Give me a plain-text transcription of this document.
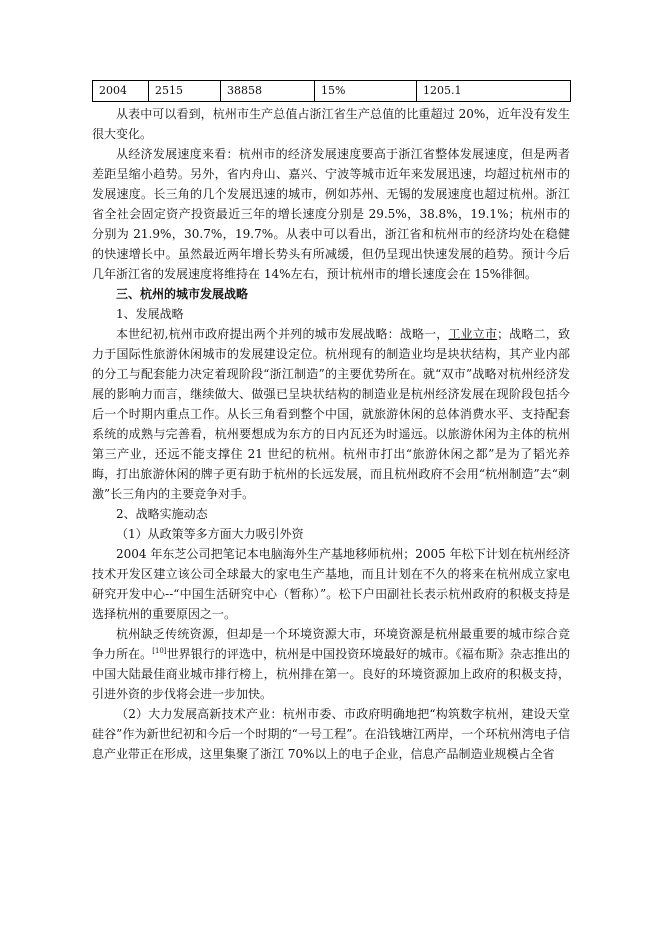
2004	2515	38858	15%	1205.1

从表中可以看到，杭州市生产总值占浙江省生产总值的比重超过 20%，近年没有发生很大变化。

从经济发展速度来看：杭州市的经济发展速度要高于浙江省整体发展速度，但是两者差距呈缩小趋势。另外，省内舟山、嘉兴、宁波等城市近年来发展迅速，均超过杭州市的发展速度。长三角的几个发展迅速的城市，例如苏州、无锡的发展速度也超过杭州。浙江省全社会固定资产投资最近三年的增长速度分别是 29.5%，38.8%，19.1%；杭州市的分别为 21.9%，30.7%，19.7%。从表中可以看出，浙江省和杭州市的经济均处在稳健的快速增长中。虽然最近两年增长势头有所减缓，但仍呈现出快速发展的趋势。预计今后几年浙江省的发展速度将维持在 14%左右，预计杭州市的增长速度会在 15%徘徊。

三、杭州的城市发展战略

1、发展战略

本世纪初,杭州市政府提出两个并列的城市发展战略：战略一，工业立市；战略二，致力于国际性旅游休闲城市的发展建设定位。杭州现有的制造业均是块状结构，其产业内部的分工与配套能力决定着现阶段“浙江制造”的主要优势所在。就“双市”战略对杭州经济发展的影响力而言，继续做大、做强已呈块状结构的制造业是杭州经济发展在现阶段包括今后一个时期内重点工作。从长三角看到整个中国，就旅游休闲的总体消费水平、支持配套系统的成熟与完善看，杭州要想成为东方的日内瓦还为时遥远。以旅游休闲为主体的杭州第三产业，还远不能支撑住 21 世纪的杭州。杭州市打出“旅游休闲之都”是为了韬光养晦，打出旅游休闲的牌子更有助于杭州的长远发展，而且杭州政府不会用“杭州制造”去“刺激”长三角内的主要竞争对手。

2、战略实施动态

（1）从政策等多方面大力吸引外资

2004 年东芝公司把笔记本电脑海外生产基地移师杭州；2005 年松下计划在杭州经济技术开发区建立该公司全球最大的家电生产基地，而且计划在不久的将来在杭州成立家电研究开发中心--“中国生活研究中心（暂称）”。松下户田副社长表示杭州政府的积极支持是选择杭州的重要原因之一。

杭州缺乏传统资源，但却是一个环境资源大市，环境资源是杭州最重要的城市综合竞争力所在。[10]世界银行的评选中，杭州是中国投资环境最好的城市。《福布斯》杂志推出的中国大陆最佳商业城市排行榜上，杭州排在第一。良好的环境资源加上政府的积极支持，引进外资的步伐将会进一步加快。

（2）大力发展高新技术产业：杭州市委、市政府明确地把“构筑数字杭州，建设天堂硅谷”作为新世纪初和今后一个时期的“一号工程”。在沿钱塘江两岸，一个环杭州湾电子信息产业带正在形成，这里集聚了浙江 70%以上的电子企业，信息产品制造业规模占全省
